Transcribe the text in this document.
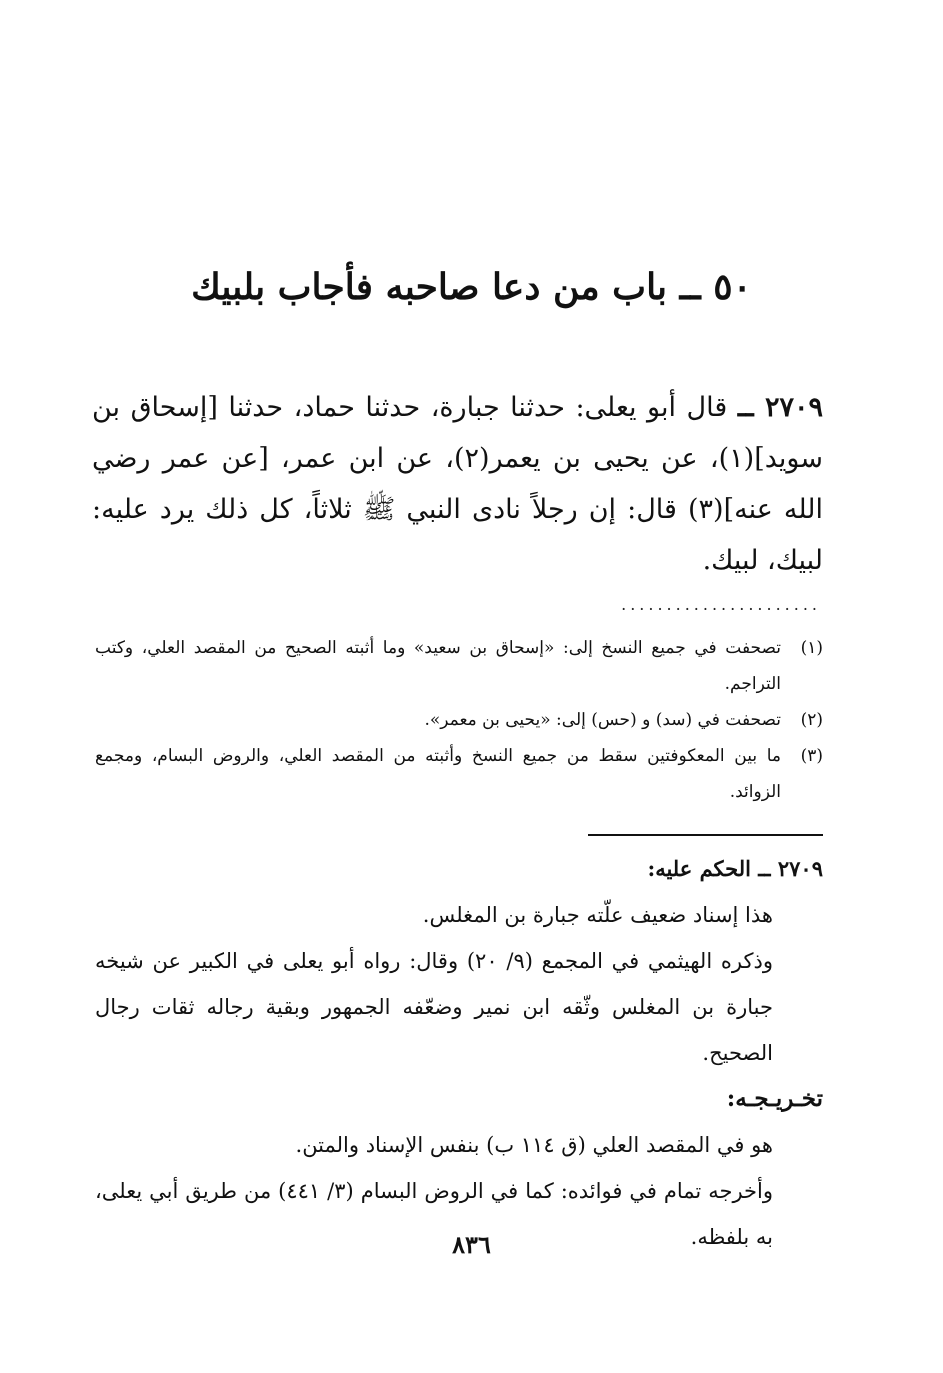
٥٠ ــ باب من دعا صاحبه فأجاب بلبيك

٢٧٠٩ ــ قال أبو يعلى: حدثنا جبارة، حدثنا حماد، حدثنا [إسحاق بن سويد](١)، عن يحيى بن يعمر(٢)، عن ابن عمر، [عن عمر رضي الله عنه](٣) قال: إن رجلاً نادى النبي ﷺ ثلاثاً، كل ذلك يرد عليه: لبيك، لبيك.

......................
(١)
تصحفت في جميع النسخ إلى: «إسحاق بن سعيد» وما أثبته الصحيح من المقصد العلي، وكتب التراجم.
(٢)
تصحفت في (سد) و (حس) إلى: «يحيى بن معمر».
(٣)
ما بين المعكوفتين سقط من جميع النسخ وأثبته من المقصد العلي، والروض البسام، ومجمع الزوائد.

٢٧٠٩ ــ الحكم عليه:

هذا إسناد ضعيف علّته جبارة بن المغلس.

وذكره الهيثمي في المجمع (٩/ ٢٠) وقال: رواه أبو يعلى في الكبير عن شيخه جبارة بن المغلس وثّقه ابن نمير وضعّفه الجمهور وبقية رجاله ثقات رجال الصحيح.

تخـريـجـه:

هو في المقصد العلي (ق ١١٤ ب) بنفس الإسناد والمتن.

وأخرجه تمام في فوائده: كما في الروض البسام (٣/ ٤٤١) من طريق أبي يعلى، به بلفظه.

٨٣٦
